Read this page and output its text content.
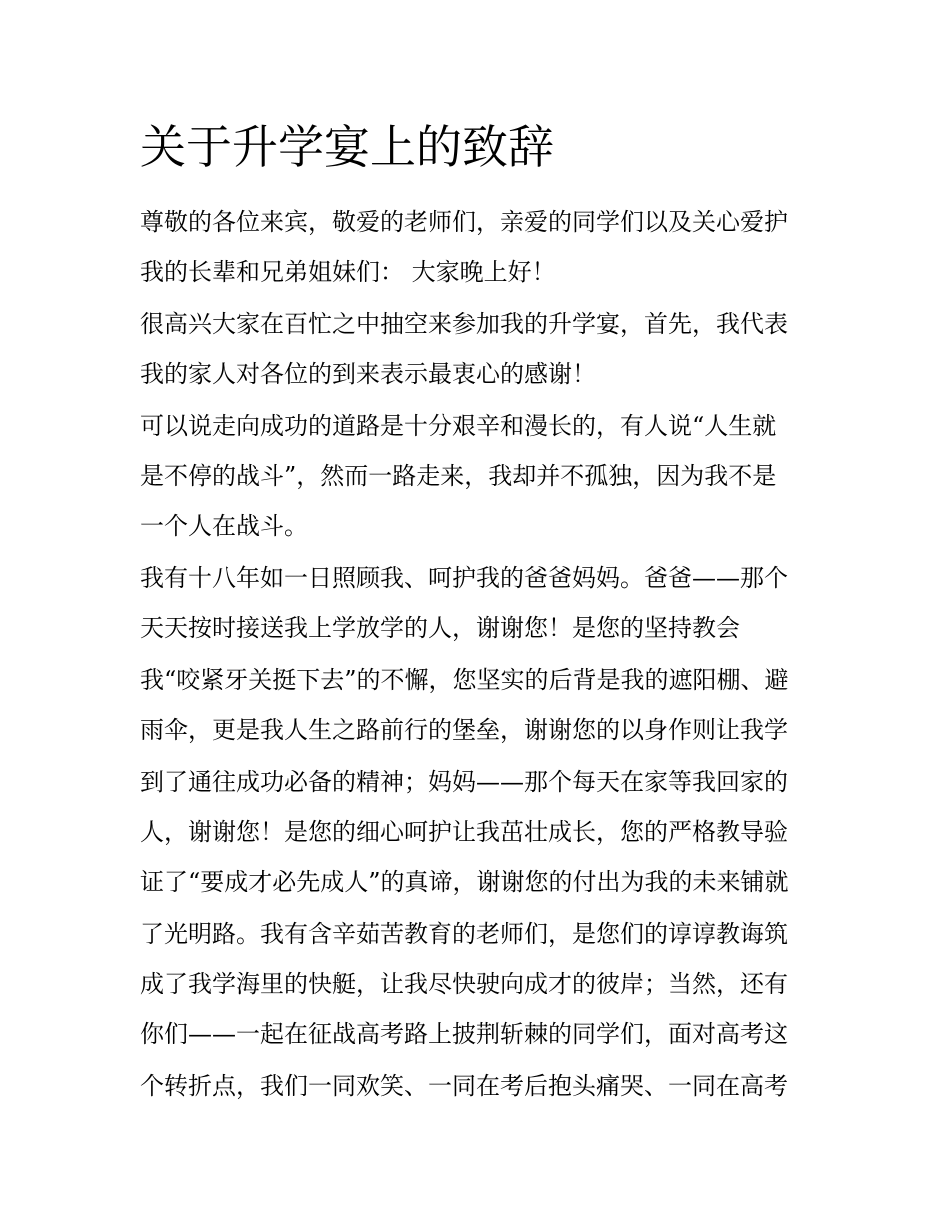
关于升学宴上的致辞
尊敬的各位来宾，敬爱的老师们，亲爱的同学们以及关心爱护
我的长辈和兄弟姐妹们： 大家晚上好！
很高兴大家在百忙之中抽空来参加我的升学宴，首先，我代表
我的家人对各位的到来表示最衷心的感谢！
可以说走向成功的道路是十分艰辛和漫长的，有人说“人生就
是不停的战斗”，然而一路走来，我却并不孤独，因为我不是
一个人在战斗。
我有十八年如一日照顾我、呵护我的爸爸妈妈。爸爸——那个
天天按时接送我上学放学的人，谢谢您！是您的坚持教会
我“咬紧牙关挺下去”的不懈，您坚实的后背是我的遮阳棚、避
雨伞，更是我人生之路前行的堡垒，谢谢您的以身作则让我学
到了通往成功必备的精神；妈妈——那个每天在家等我回家的
人，谢谢您！是您的细心呵护让我茁壮成长，您的严格教导验
证了“要成才必先成人”的真谛，谢谢您的付出为我的未来铺就
了光明路。我有含辛茹苦教育的老师们，是您们的谆谆教诲筑
成了我学海里的快艇，让我尽快驶向成才的彼岸；当然，还有
你们——一起在征战高考路上披荆斩棘的同学们，面对高考这
个转折点，我们一同欢笑、一同在考后抱头痛哭、一同在高考
